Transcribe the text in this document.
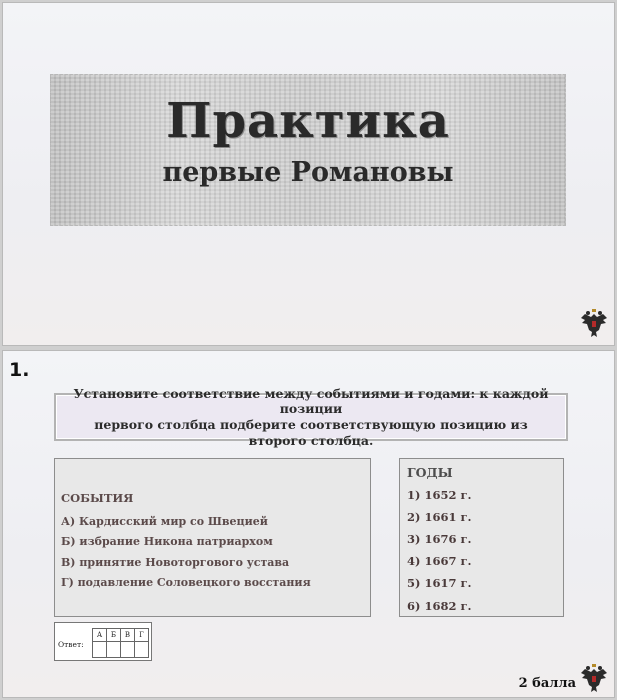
Практика
первые Романовы
1.
Установите соответствие между событиями и годами: к каждой позиции
первого столбца подберите соответствующую позицию из второго столбца.
СОБЫТИЯ
А) Кардисский мир со Швецией
Б) избрание Никона патриархом
В) принятие Новоторгового устава
Г) подавление Соловецкого восстания
ГОДЫ
1) 1652 г.
2) 1661 г.
3) 1676 г.
4) 1667 г.
5) 1617 г.
6) 1682 г.
Ответ:
А	Б	В	Г

2 балла
